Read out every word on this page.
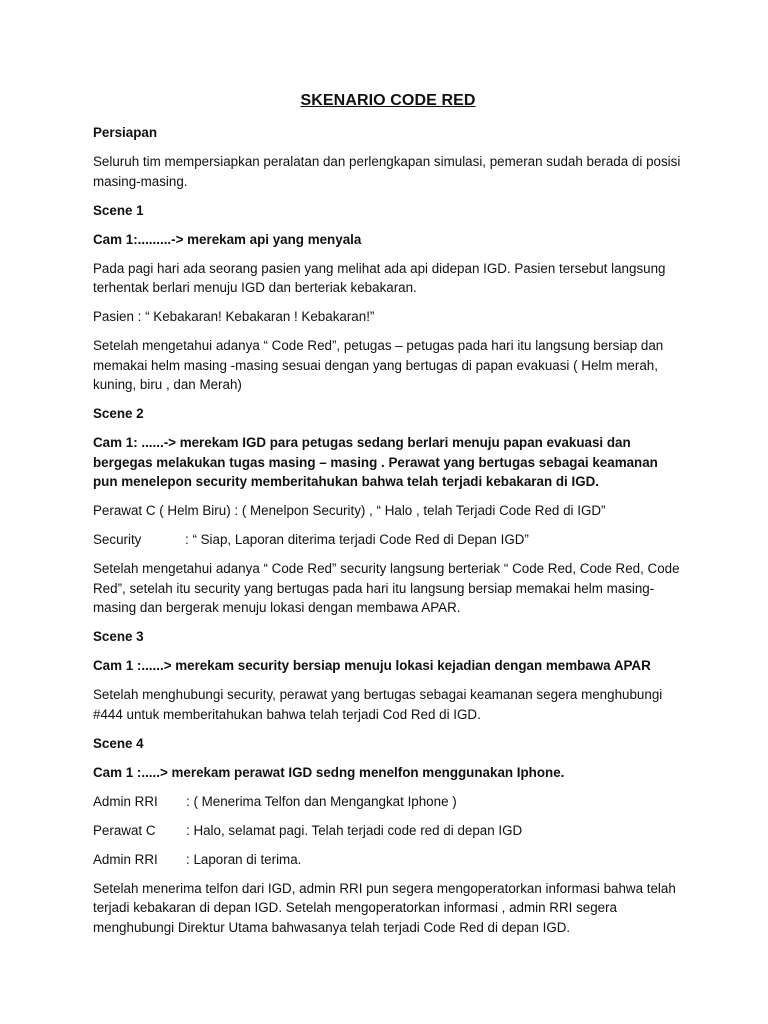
SKENARIO CODE RED

Persiapan

Seluruh tim mempersiapkan peralatan dan perlengkapan simulasi, pemeran sudah berada di posisi masing-masing.

Scene 1

Cam 1:.........-> merekam api yang menyala

Pada pagi hari ada seorang pasien yang melihat ada api didepan IGD. Pasien tersebut langsung terhentak berlari menuju IGD dan berteriak kebakaran.

Pasien : “ Kebakaran! Kebakaran ! Kebakaran!”

Setelah mengetahui adanya “ Code Red”, petugas – petugas pada hari itu langsung bersiap dan memakai helm masing -masing sesuai dengan yang bertugas di papan evakuasi ( Helm merah, kuning, biru , dan Merah)

Scene 2

Cam 1: ......-> merekam IGD para petugas sedang berlari menuju papan evakuasi dan bergegas melakukan tugas masing – masing . Perawat yang bertugas sebagai keamanan pun menelepon security memberitahukan bahwa telah terjadi kebakaran di IGD.

Perawat C ( Helm Biru) : ( Menelpon Security) , “ Halo , telah Terjadi Code Red di IGD”

Security	: “ Siap, Laporan diterima terjadi Code Red di Depan IGD”

Setelah mengetahui adanya “ Code Red” security langsung berteriak “ Code Red, Code Red, Code Red”, setelah itu security yang bertugas pada hari itu langsung bersiap memakai helm masing- masing dan bergerak menuju lokasi dengan membawa APAR.

Scene 3

Cam 1 :......> merekam security bersiap menuju lokasi kejadian dengan membawa APAR

Setelah menghubungi security, perawat yang bertugas sebagai keamanan segera menghubungi #444 untuk memberitahukan bahwa telah terjadi Cod Red di IGD.

Scene 4

Cam 1 :.....> merekam perawat IGD sedng menelfon menggunakan Iphone.

Admin RRI	: ( Menerima Telfon dan Mengangkat Iphone )
Perawat C	: Halo, selamat pagi. Telah terjadi code red di depan IGD
Admin RRI	: Laporan di terima.

Setelah menerima telfon dari IGD, admin RRI pun segera mengoperatorkan informasi bahwa telah terjadi kebakaran di depan IGD. Setelah mengoperatorkan informasi , admin RRI segera menghubungi Direktur Utama bahwasanya telah terjadi Code Red di depan IGD.
